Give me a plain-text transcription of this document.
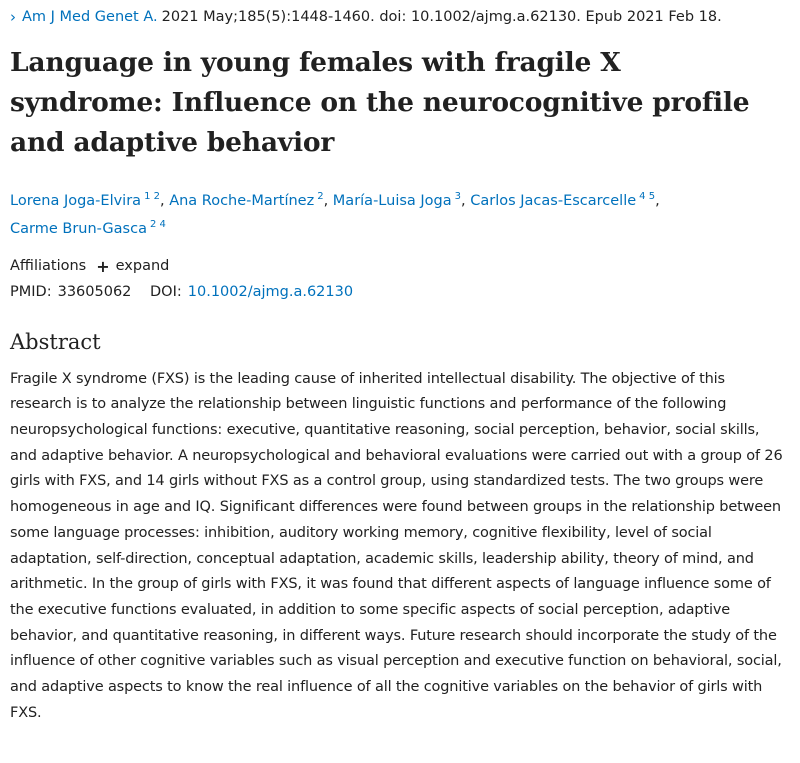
› Am J Med Genet A. 2021 May;185(5):1448-1460. doi: 10.1002/ajmg.a.62130. Epub 2021 Feb 18.
Language in young females with fragile X syndrome: Influence on the neurocognitive profile and adaptive behavior
Lorena Joga-Elvira $^{1 2}$, Ana Roche-Martínez $^2$, María-Luisa Joga $^3$, Carlos Jacas-Escarcelle $^{4 5}$,
Carme Brun-Gasca $^{2 4}$
Affiliations + expand
PMID: 33605062 DOI: 10.1002/ajmg.a.62130
Abstract
Fragile X syndrome (FXS) is the leading cause of inherited intellectual disability. The objective of this research is to analyze the relationship between linguistic functions and performance of the following neuropsychological functions: executive, quantitative reasoning, social perception, behavior, social skills, and adaptive behavior. A neuropsychological and behavioral evaluations were carried out with a group of 26 girls with FXS, and 14 girls without FXS as a control group, using standardized tests. The two groups were homogeneous in age and IQ. Significant differences were found between groups in the relationship between some language processes: inhibition, auditory working memory, cognitive flexibility, level of social adaptation, self-direction, conceptual adaptation, academic skills, leadership ability, theory of mind, and arithmetic. In the group of girls with FXS, it was found that different aspects of language influence some of the executive functions evaluated, in addition to some specific aspects of social perception, adaptive behavior, and quantitative reasoning, in different ways. Future research should incorporate the study of the influence of other cognitive variables such as visual perception and executive function on behavioral, social, and adaptive aspects to know the real influence of all the cognitive variables on the behavior of girls with FXS.
